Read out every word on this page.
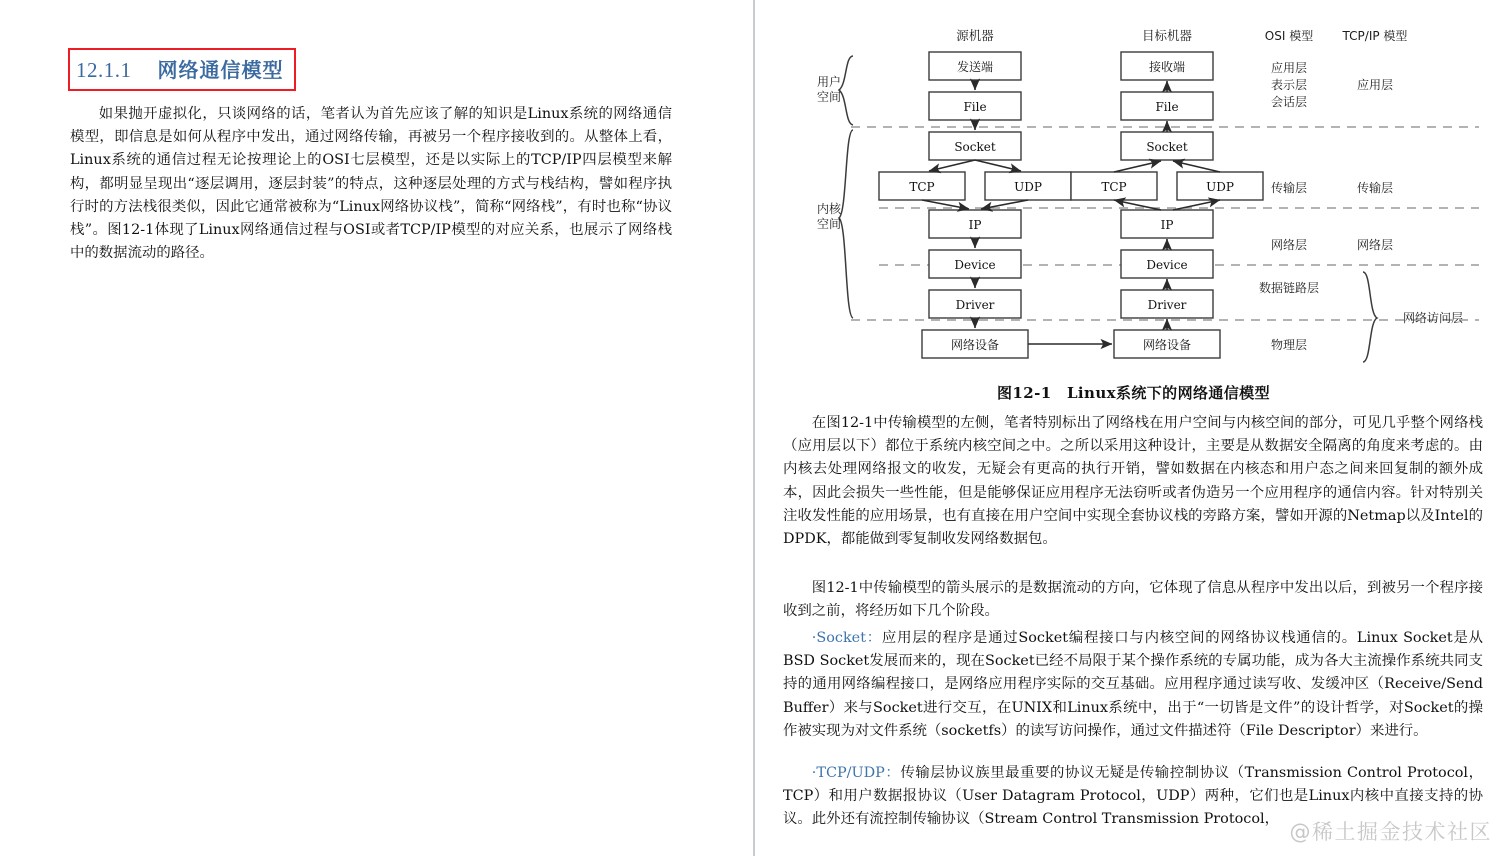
12.1.1 网络通信模型
如果抛开虚拟化，只谈网络的话，笔者认为首先应该了解的知识是Linux系统的网络通信模型，即信息是如何从程序中发出，通过网络传输，再被另一个程序接收到的。从整体上看，Linux系统的通信过程无论按理论上的OSI七层模型，还是以实际上的TCP/IP四层模型来解构，都明显呈现出“逐层调用，逐层封装”的特点，这种逐层处理的方式与栈结构，譬如程序执行时的方法栈很类似，因此它通常被称为“Linux网络协议栈”，简称“网络栈”，有时也称“协议栈”。图12-1体现了Linux网络通信过程与OSI或者TCP/IP模型的对应关系，也展示了网络栈中的数据流动的路径。
源机器	目标机器	OSI 模型 TCP/IP 模型
用户
空间
内核
空间
发送端
File
Socket
TCP	UDP
IP
Device
Driver
网络设备
接收端
File
Socket
TCP	UDP
IP
Device
Driver
网络设备
应用层
表示层
会话层
传输层
网络层
数据链路层
物理层
应用层
传输层
网络层
网络访问层
图12-1　Linux系统下的网络通信模型
在图12-1中传输模型的左侧，笔者特别标出了网络栈在用户空间与内核空间的部分，可见几乎整个网络栈（应用层以下）都位于系统内核空间之中。之所以采用这种设计，主要是从数据安全隔离的角度来考虑的。由内核去处理网络报文的收发，无疑会有更高的执行开销，譬如数据在内核态和用户态之间来回复制的额外成本，因此会损失一些性能，但是能够保证应用程序无法窃听或者伪造另一个应用程序的通信内容。针对特别关注收发性能的应用场景，也有直接在用户空间中实现全套协议栈的旁路方案，譬如开源的Netmap以及Intel的DPDK，都能做到零复制收发网络数据包。
图12-1中传输模型的箭头展示的是数据流动的方向，它体现了信息从程序中发出以后，到被另一个程序接收到之前，将经历如下几个阶段。
·Socket：应用层的程序是通过Socket编程接口与内核空间的网络协议栈通信的。Linux Socket是从BSD Socket发展而来的，现在Socket已经不局限于某个操作系统的专属功能，成为各大主流操作系统共同支持的通用网络编程接口，是网络应用程序实际的交互基础。应用程序通过读写收、发缓冲区（Receive/Send Buffer）来与Socket进行交互，在UNIX和Linux系统中，出于“一切皆是文件”的设计哲学，对Socket的操作被实现为对文件系统（socketfs）的读写访问操作，通过文件描述符（File Descriptor）来进行。
·TCP/UDP：传输层协议族里最重要的协议无疑是传输控制协议（Transmission Control Protocol，TCP）和用户数据报协议（User Datagram Protocol，UDP）两种，它们也是Linux内核中直接支持的协议。此外还有流控制传输协议（Stream Control Transmission Protocol，
@稀土掘金技术社区
